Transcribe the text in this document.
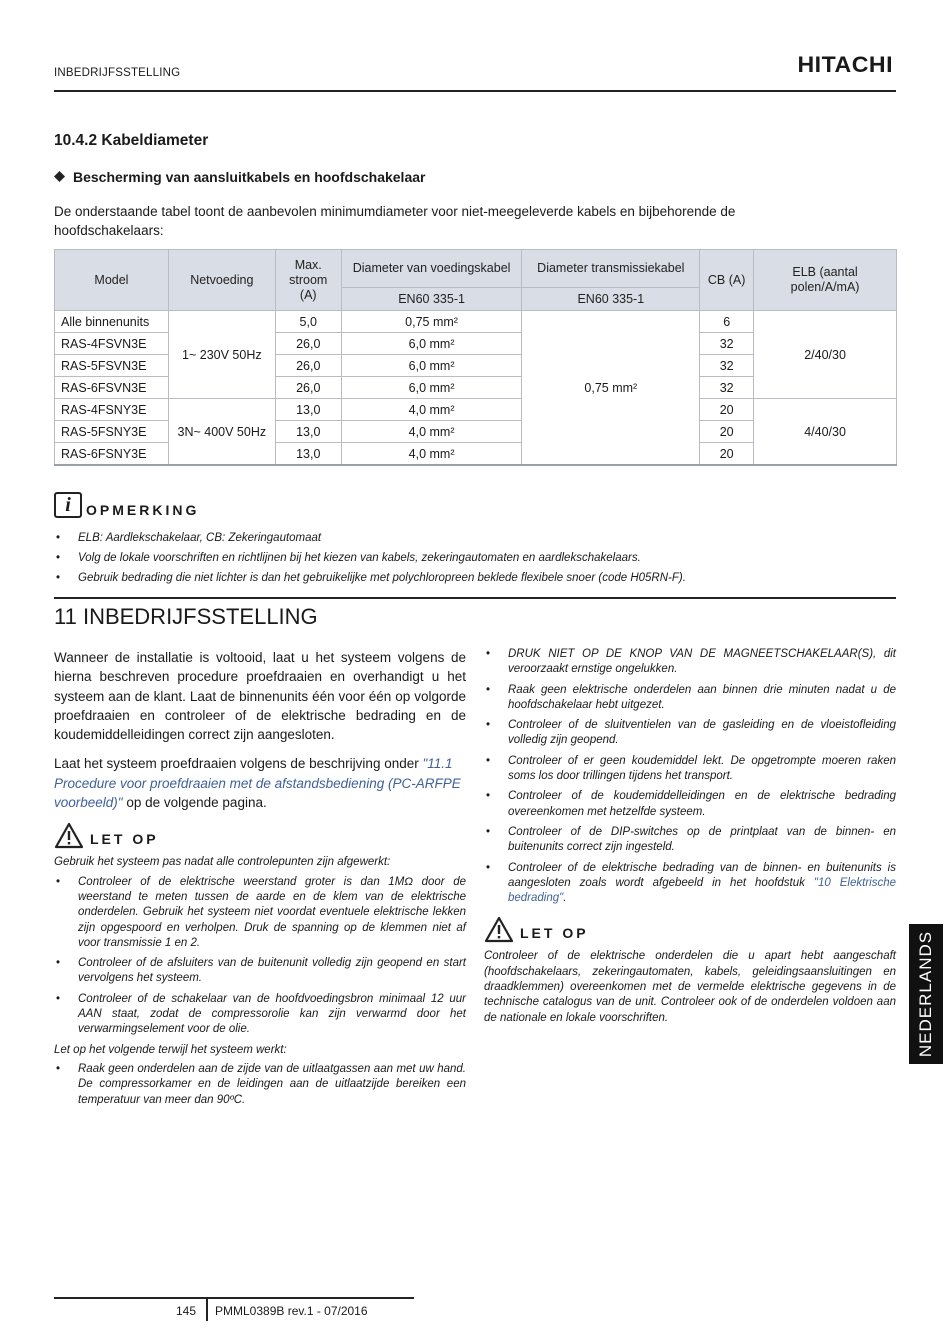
INBEDRIJFSSTELLING	HITACHI
10.4.2 Kabeldiameter
Bescherming van aansluitkabels en hoofdschakelaar
De onderstaande tabel toont de aanbevolen minimumdiameter voor niet-meegeleverde kabels en bijbehorende de hoofdschakelaars:
Model	Netvoeding	Max. stroom (A)	Diameter van voedingskabel	Diameter transmissiekabel	CB (A)	ELB (aantal polen/A/mA)
			EN60 335-1	EN60 335-1		
Alle binnenunits	1~ 230V 50Hz	5,0	0,75 mm²	0,75 mm²	6	2/40/30
RAS-4FSVN3E		26,0	6,0 mm²		32	
RAS-5FSVN3E		26,0	6,0 mm²		32	
RAS-6FSVN3E		26,0	6,0 mm²		32	
RAS-4FSNY3E	3N~ 400V 50Hz	13,0	4,0 mm²		20	4/40/30
RAS-5FSNY3E		13,0	4,0 mm²		20	
RAS-6FSNY3E		13,0	4,0 mm²		20	
i OPMERKING
• ELB: Aardlekschakelaar, CB: Zekeringautomaat
• Volg de lokale voorschriften en richtlijnen bij het kiezen van kabels, zekeringautomaten en aardlekschakelaars.
• Gebruik bedrading die niet lichter is dan het gebruikelijke met polychloropreen beklede flexibele snoer (code H05RN-F).
11 INBEDRIJFSSTELLING

Wanneer de installatie is voltooid, laat u het systeem volgens de hierna beschreven procedure proefdraaien en overhandigt u het systeem aan de klant. Laat de binnenunits één voor één op volgorde proefdraaien en controleer of de elektrische bedrading en de koudemiddelleidingen correct zijn aangesloten.

Laat het systeem proefdraaien volgens de beschrijving onder "11.1 Procedure voor proefdraaien met de afstandsbediening (PC-ARFPE voorbeeld)" op de volgende pagina.

LET OP

Gebruik het systeem pas nadat alle controlepunten zijn afgewerkt:

• Controleer of de elektrische weerstand groter is dan 1MΩ door de weerstand te meten tussen de aarde en de klem van de elektrische onderdelen. Gebruik het systeem niet voordat eventuele elektrische lekken zijn opgespoord en verholpen. Druk de spanning op de klemmen niet af voor transmissie 1 en 2.
• Controleer of de afsluiters van de buitenunit volledig zijn geopend en start vervolgens het systeem.
• Controleer of de schakelaar van de hoofdvoedingsbron minimaal 12 uur AAN staat, zodat de compressorolie kan zijn verwarmd door het verwarmingselement voor de olie.

Let op het volgende terwijl het systeem werkt:

• Raak geen onderdelen aan de zijde van de uitlaatgassen aan met uw hand. De compressorkamer en de leidingen aan de uitlaatzijde bereiken een temperatuur van meer dan 90ºC.
• DRUK NIET OP DE KNOP VAN DE MAGNEETSCHAKELAAR(S), dit veroorzaakt ernstige ongelukken.
• Raak geen elektrische onderdelen aan binnen drie minuten nadat u de hoofdschakelaar hebt uitgezet.
• Controleer of de sluitventielen van de gasleiding en de vloeistofleiding volledig zijn geopend.
• Controleer of er geen koudemiddel lekt. De opgetrompte moeren raken soms los door trillingen tijdens het transport.
• Controleer of de koudemiddelleidingen en de elektrische bedrading overeenkomen met hetzelfde systeem.
• Controleer of de DIP-switches op de printplaat van de binnen- en buitenunits correct zijn ingesteld.
• Controleer of de elektrische bedrading van de binnen- en buitenunits is aangesloten zoals wordt afgebeeld in het hoofdstuk "10 Elektrische bedrading".
LET OP

Controleer of de elektrische onderdelen die u apart hebt aangeschaft (hoofdschakelaars, zekeringautomaten, kabels, geleidingsaansluitingen en draadklemmen) overeenkomen met de vermelde elektrische gegevens in de technische catalogus van de unit. Controleer ook of de onderdelen voldoen aan de nationale en lokale voorschriften.	NEDERLANDS
145 PMML0389B rev.1 - 07/2016
